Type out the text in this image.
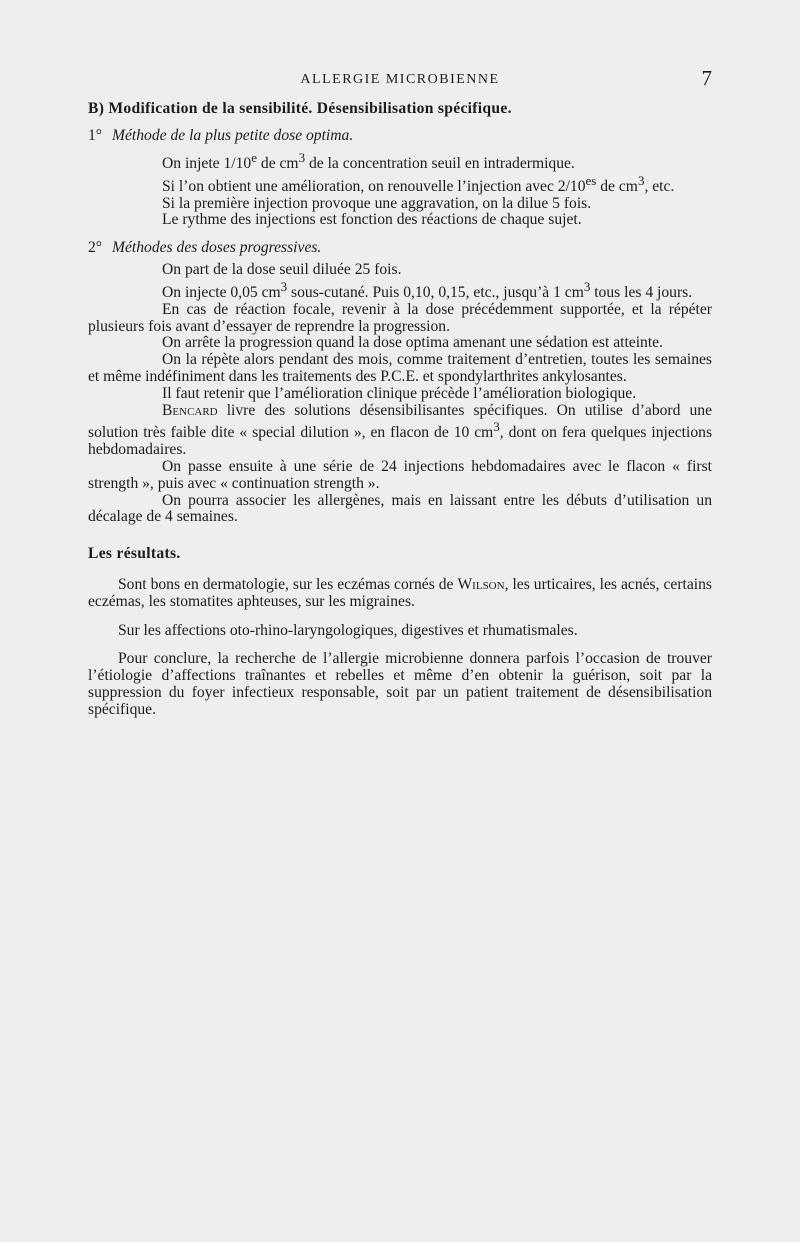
ALLERGIE MICROBIENNE	7

B) Modification de la sensibilité. Désensibilisation spécifique.

1° Méthode de la plus petite dose optima.

On injete 1/10e de $cm^3$ de la concentration seuil en intradermique.

Si l’on obtient une amélioration, on renouvelle l’injection avec $2/10^{es}$ de $cm^3$, etc.

Si la première injection provoque une aggravation, on la dilue 5 fois.

Le rythme des injections est fonction des réactions de chaque sujet.

2° Méthodes des doses progressives.

On part de la dose seuil diluée 25 fois.

On injecte 0,05 $cm^3$ sous-cutané. Puis 0,10, 0,15, etc., jusqu’à 1 $cm^3$ tous les 4 jours.

En cas de réaction focale, revenir à la dose précédemment supportée, et la répéter plusieurs fois avant d’essayer de reprendre la progression.

On arrête la progression quand la dose optima amenant une sédation est atteinte.

On la répète alors pendant des mois, comme traitement d’entretien, toutes les semaines et même indéfiniment dans les traitements des P.C.E. et spondylarthrites ankylosantes.

Il faut retenir que l’amélioration clinique précède l’amélioration biologique.

Bencard livre des solutions désensibilisantes spécifiques. On utilise d’abord une solution très faible dite « special dilution », en flacon de 10 $cm^3$, dont on fera quelques injections hebdomadaires.

On passe ensuite à une série de 24 injections hebdomadaires avec le flacon « first strength », puis avec « continuation strength ».

On pourra associer les allergènes, mais en laissant entre les débuts d’utilisation un décalage de 4 semaines.

Les résultats.

Sont bons en dermatologie, sur les eczémas cornés de Wilson, les urticaires, les acnés, certains eczémas, les stomatites aphteuses, sur les migraines.

Sur les affections oto-rhino-laryngologiques, digestives et rhumatismales.

Pour conclure, la recherche de l’allergie microbienne donnera parfois l’occasion de trouver l’étiologie d’affections traînantes et rebelles et même d’en obtenir la guérison, soit par la suppression du foyer infectieux responsable, soit par un patient traitement de désensibilisation spécifique.
